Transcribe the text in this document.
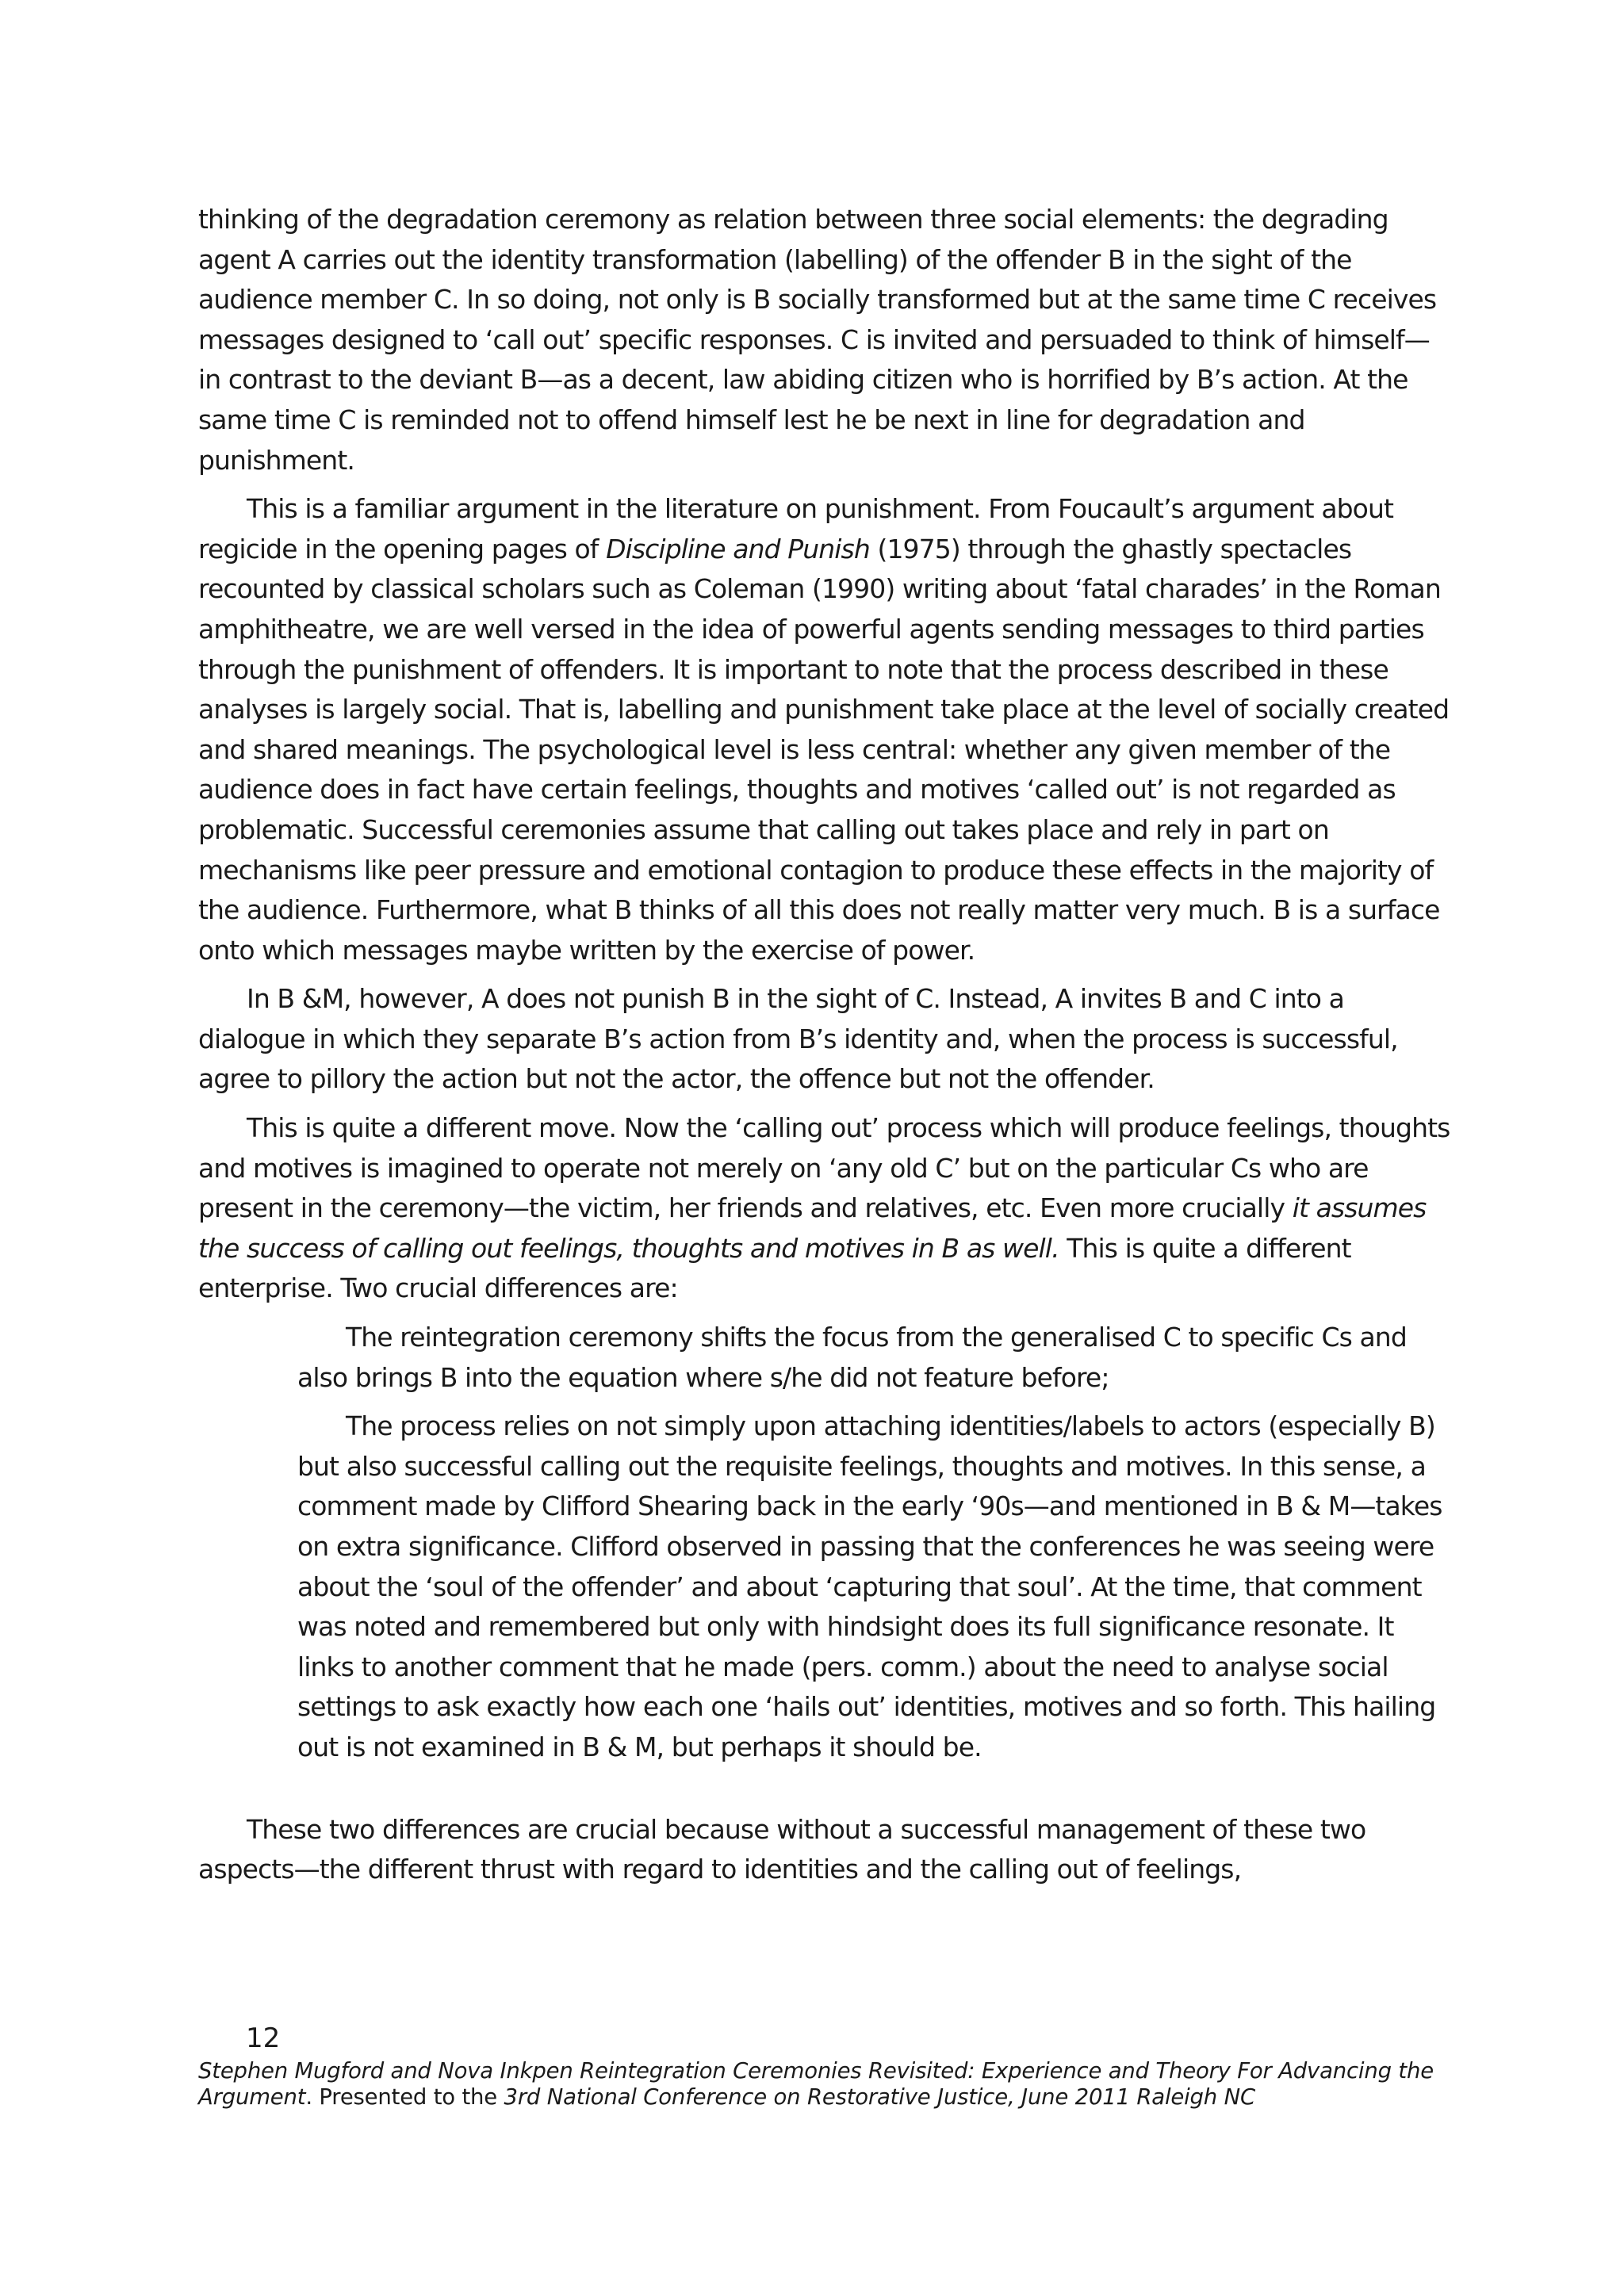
thinking of the degradation ceremony as relation between three social elements: the degrading agent A carries out the identity transformation (labelling) of the offender B in the sight of the audience member C. In so doing, not only is B socially transformed but at the same time C receives messages designed to ‘call out’ specific responses. C is invited and persuaded to think of himself—in contrast to the deviant B—as a decent, law abiding citizen who is horrified by B’s action. At the same time C is reminded not to offend himself lest he be next in line for degradation and punishment.

This is a familiar argument in the literature on punishment. From Foucault’s argument about regicide in the opening pages of Discipline and Punish (1975) through the ghastly spectacles recounted by classical scholars such as Coleman (1990) writing about ‘fatal charades’ in the Roman amphitheatre, we are well versed in the idea of powerful agents sending messages to third parties through the punishment of offenders. It is important to note that the process described in these analyses is largely social. That is, labelling and punishment take place at the level of socially created and shared meanings. The psychological level is less central: whether any given member of the audience does in fact have certain feelings, thoughts and motives ‘called out’ is not regarded as problematic. Successful ceremonies assume that calling out takes place and rely in part on mechanisms like peer pressure and emotional contagion to produce these effects in the majority of the audience. Furthermore, what B thinks of all this does not really matter very much. B is a surface onto which messages maybe written by the exercise of power.

In B &M, however, A does not punish B in the sight of C. Instead, A invites B and C into a dialogue in which they separate B’s action from B’s identity and, when the process is successful, agree to pillory the action but not the actor, the offence but not the offender.

This is quite a different move. Now the ‘calling out’ process which will produce feelings, thoughts and motives is imagined to operate not merely on ‘any old C’ but on the particular Cs who are present in the ceremony—the victim, her friends and relatives, etc. Even more crucially it assumes the success of calling out feelings, thoughts and motives in B as well. This is quite a different enterprise. Two crucial differences are:

The reintegration ceremony shifts the focus from the generalised C to specific Cs and also brings B into the equation where s/he did not feature before;

The process relies on not simply upon attaching identities/labels to actors (especially B) but also successful calling out the requisite feelings, thoughts and motives. In this sense, a comment made by Clifford Shearing back in the early ‘90s—and mentioned in B & M—takes on extra significance. Clifford observed in passing that the conferences he was seeing were about the ‘soul of the offender’ and about ‘capturing that soul’. At the time, that comment was noted and remembered but only with hindsight does its full significance resonate. It links to another comment that he made (pers. comm.) about the need to analyse social settings to ask exactly how each one ‘hails out’ identities, motives and so forth. This hailing out is not examined in B & M, but perhaps it should be.

These two differences are crucial because without a successful management of these two aspects—the different thrust with regard to identities and the calling out of feelings,

12
Stephen Mugford and Nova Inkpen Reintegration Ceremonies Revisited: Experience and Theory For Advancing the Argument. Presented to the 3rd National Conference on Restorative Justice, June 2011 Raleigh NC
